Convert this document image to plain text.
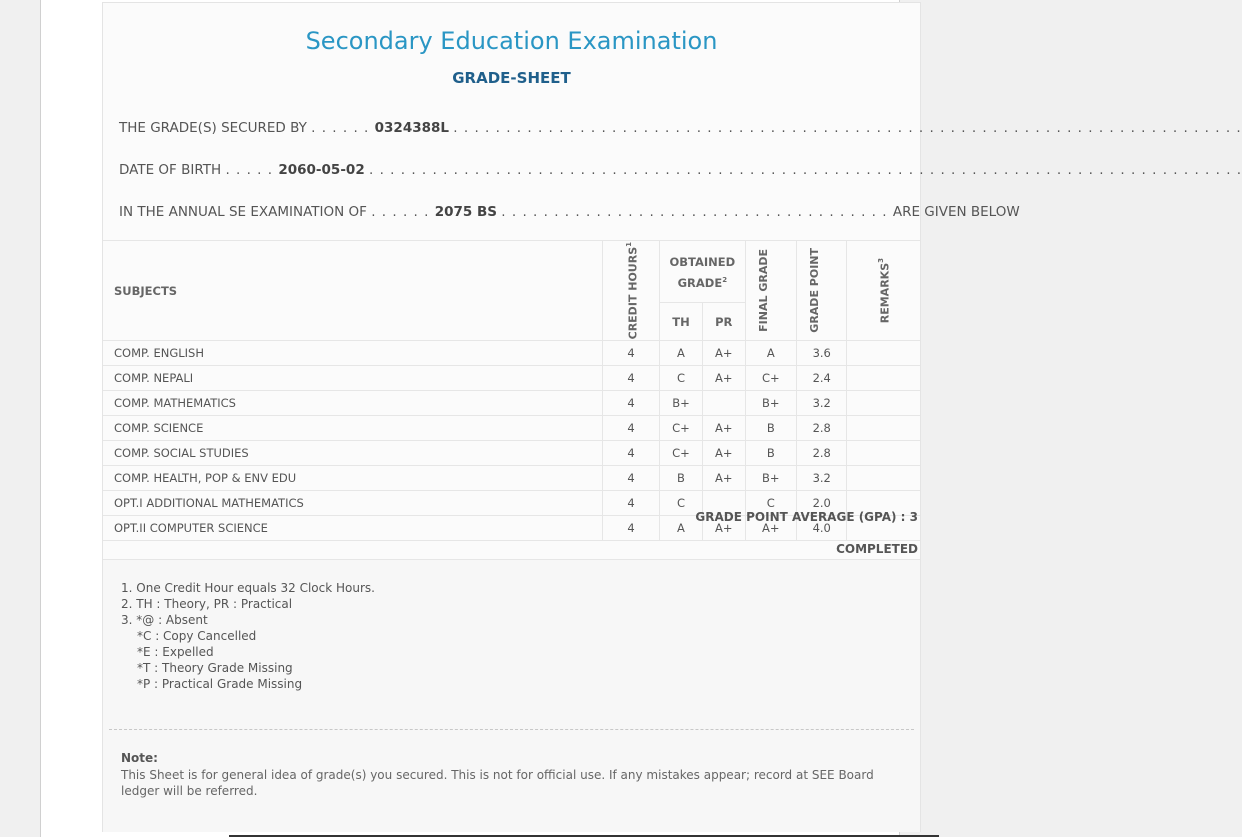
Secondary Education Examination
GRADE-SHEET
THE GRADE(S) SECURED BY . . . . . . 0324388L . . . . . . . . . . . . . . . . . . . . . . . . . . . . . . . . . . . . . . . . . . . . . . . . . . . . . . . . . . . . . . . . . . . . . . . . . . .
DATE OF BIRTH . . . . . 2060-05-02 . . . . . . . . . . . . . . . . . . . . . . . . . . . . . . . . . . . . . . . . . . . . . . . . . . . . . . . . . . . . . . . . . . . . . . . . . . . . . . . . . . .
IN THE ANNUAL SE EXAMINATION OF . . . . . . 2075 BS . . . . . . . . . . . . . . . . . . . . . . . . . . . . . . . . . . . . . ARE GIVEN BELOW
SUBJECTS	CREDIT HOURS$^1$	OBTAINED GRADE$^2$		FINAL GRADE	GRADE POINT	REMARKS$^3$

		TH	PR			
COMP. ENGLISH	4	A	A+	A	3.6	
COMP. NEPALI	4	C	A+	C+	2.4	
COMP. MATHEMATICS	4	B+		B+	3.2	
COMP. SCIENCE	4	C+	A+	B	2.8	
COMP. SOCIAL STUDIES	4	C+	A+	B	2.8	
COMP. HEALTH, POP & ENV EDU	4	B	A+	B+	3.2	
OPT.I ADDITIONAL MATHEMATICS	4	C		C	2.0	
OPT.II COMPUTER SCIENCE	4	A	A+	A+	4.0	
GRADE POINT AVERAGE (GPA) : 3
COMPLETED
1. One Credit Hour equals 32 Clock Hours.
2. TH : Theory, PR : Practical
3. *@ : Absent
*C : Copy Cancelled
*E : Expelled
*T : Theory Grade Missing
*P : Practical Grade Missing
Note:
This Sheet is for general idea of grade(s) you secured. This is not for official use. If any mistakes appear; record at SEE Board ledger will be referred.
